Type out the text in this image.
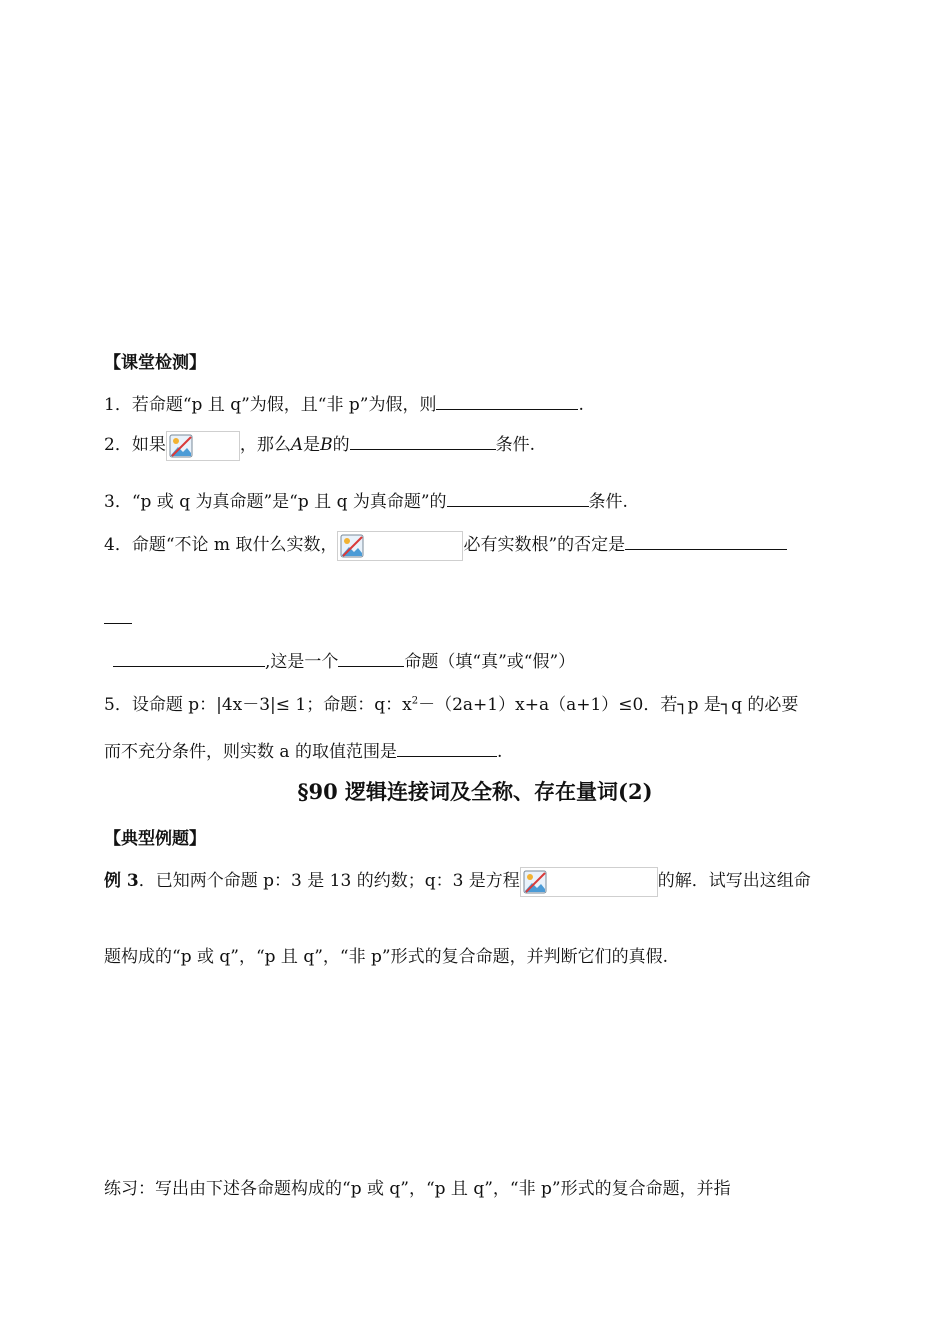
【课堂检测】
1．若命题“p 且 q”为假，且“非 p”为假，则	.
2．如果	，那么A是B的	条件.
3．“p 或 q 为真命题”是“p 且 q 为真命题”的	条件.
4．命题“不论 m 取什么实数，	必有实数根”的否定是
,这是一个	命题（填“真”或“假”）
5．设命题 p：|4x－3|≤ 1；命题：q：$x^2-(2a+1)x+a(a+1)\le 0$．若┐p 是┐q 的必要
而不充分条件，则实数 a 的取值范围是	.
§90 逻辑连接词及全称、存在量词(2)
【典型例题】
例 3．已知两个命题 p：3 是 13 的约数；q：3 是方程	的解．试写出这组命
题构成的“p 或 q”，“p 且 q”，“非 p”形式的复合命题，并判断它们的真假.
练习：写出由下述各命题构成的“p 或 q”，“p 且 q”，“非 p”形式的复合命题，并指
